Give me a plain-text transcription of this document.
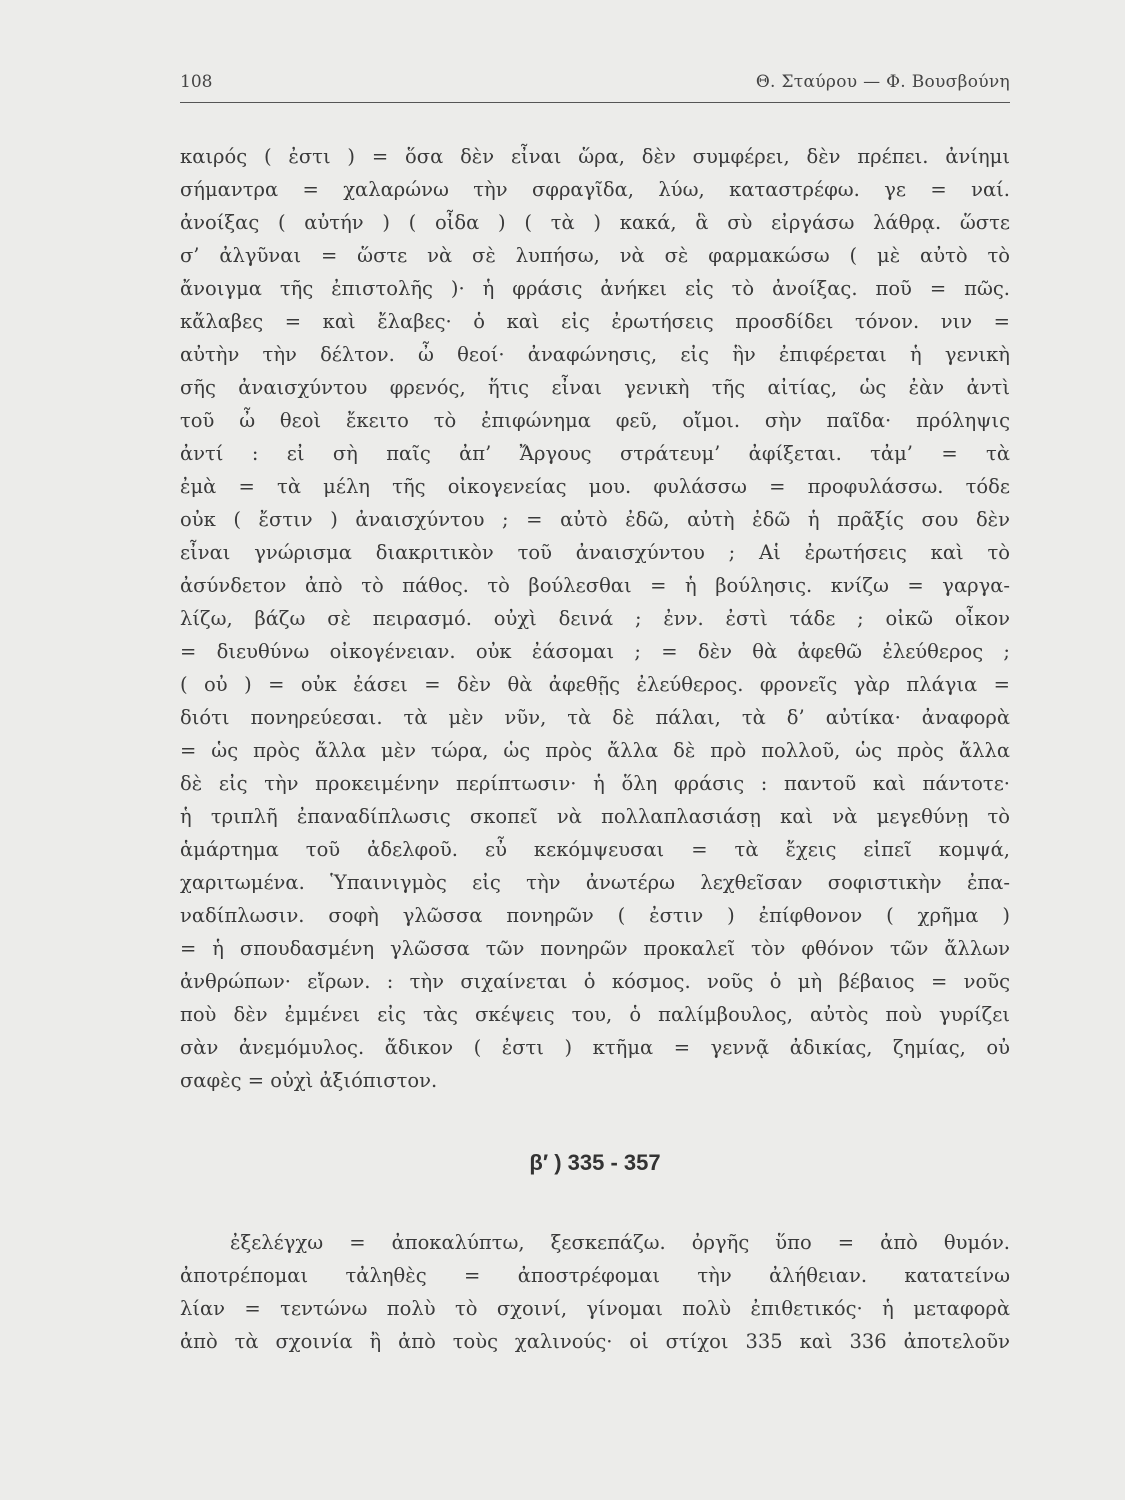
108	Θ. Σταύρου — Φ. Βουσβούνη
καιρός ( ἐστι ) = ὅσα δὲν εἶναι ὥρα, δὲν συμφέρει, δὲν πρέπει. ἀνίημι
σήμαντρα = χαλαρώνω τὴν σφραγῖδα, λύω, καταστρέφω. γε = ναί.
ἀνοίξας ( αὐτήν ) ( οἶδα ) ( τὰ ) κακά, ἃ σὺ εἰργάσω λάθρᾳ. ὥστε
σ’ ἀλγῦναι = ὥστε νὰ σὲ λυπήσω, νὰ σὲ φαρμακώσω ( μὲ αὐτὸ τὸ
ἄνοιγμα τῆς ἐπιστολῆς )· ἡ φράσις ἀνήκει εἰς τὸ ἀνοίξας. ποῦ = πῶς.
κἄλαβες = καὶ ἔλαβες· ὁ καὶ εἰς ἐρωτήσεις προσδίδει τόνον. νιν =
αὐτὴν τὴν δέλτον. ὦ θεοί· ἀναφώνησις, εἰς ἣν ἐπιφέρεται ἡ γενικὴ
σῆς ἀναισχύντου φρενός, ἥτις εἶναι γενικὴ τῆς αἰτίας, ὡς ἐὰν ἀντὶ
τοῦ ὦ θεοὶ ἔκειτο τὸ ἐπιφώνημα φεῦ, οἴμοι. σὴν παῖδα· πρόληψις
ἀντί : εἰ σὴ παῖς ἀπ’ Ἄργους στράτευμ’ ἀφίξεται. τἀμ’ = τὰ
ἐμὰ = τὰ μέλη τῆς οἰκογενείας μου. φυλάσσω = προφυλάσσω. τόδε
οὐκ ( ἔστιν ) ἀναισχύντου ; = αὐτὸ ἐδῶ, αὐτὴ ἐδῶ ἡ πρᾶξίς σου δὲν
εἶναι γνώρισμα διακριτικὸν τοῦ ἀναισχύντου ; Αἱ ἐρωτήσεις καὶ τὸ
ἀσύνδετον ἀπὸ τὸ πάθος. τὸ βούλεσθαι = ἡ βούλησις. κνίζω = γαργα-
λίζω, βάζω σὲ πειρασμό. οὐχὶ δεινά ; ἐνν. ἐστὶ τάδε ; οἰκῶ οἶκον
= διευθύνω οἰκογένειαν. οὐκ ἐάσομαι ; = δὲν θὰ ἀφεθῶ ἐλεύθερος ;
( οὐ ) = οὐκ ἐάσει = δὲν θὰ ἀφεθῇς ἐλεύθερος. φρονεῖς γὰρ πλάγια =
διότι πονηρεύεσαι. τὰ μὲν νῦν, τὰ δὲ πάλαι, τὰ δ’ αὐτίκα· ἀναφορὰ
= ὡς πρὸς ἄλλα μὲν τώρα, ὡς πρὸς ἄλλα δὲ πρὸ πολλοῦ, ὡς πρὸς ἄλλα
δὲ εἰς τὴν προκειμένην περίπτωσιν· ἡ ὅλη φράσις : παντοῦ καὶ πάντοτε·
ἡ τριπλῆ ἐπαναδίπλωσις σκοπεῖ νὰ πολλαπλασιάσῃ καὶ νὰ μεγεθύνῃ τὸ
ἁμάρτημα τοῦ ἀδελφοῦ. εὖ κεκόμψευσαι = τὰ ἔχεις εἰπεῖ κομψά,
χαριτωμένα. Ὑπαινιγμὸς εἰς τὴν ἀνωτέρω λεχθεῖσαν σοφιστικὴν ἐπα-
ναδίπλωσιν. σοφὴ γλῶσσα πονηρῶν ( ἐστιν ) ἐπίφθονον ( χρῆμα )
= ἡ σπουδασμένη γλῶσσα τῶν πονηρῶν προκαλεῖ τὸν φθόνον τῶν ἄλλων
ἀνθρώπων· εἴρων. : τὴν σιχαίνεται ὁ κόσμος. νοῦς ὁ μὴ βέβαιος = νοῦς
ποὺ δὲν ἐμμένει εἰς τὰς σκέψεις του, ὁ παλίμβουλος, αὐτὸς ποὺ γυρίζει
σὰν ἀνεμόμυλος. ἄδικον ( ἐστι ) κτῆμα = γεννᾷ ἀδικίας, ζημίας, οὐ
σαφὲς = οὐχὶ ἀξιόπιστον.
β′ ) 335 - 357
ἐξελέγχω = ἀποκαλύπτω, ξεσκεπάζω. ὀργῆς ὕπο = ἀπὸ θυμόν.
ἀποτρέπομαι τἀληθὲς = ἀποστρέφομαι τὴν ἀλήθειαν. κατατείνω
λίαν = τεντώνω πολὺ τὸ σχοινί, γίνομαι πολὺ ἐπιθετικός· ἡ μεταφορὰ
ἀπὸ τὰ σχοινία ἢ ἀπὸ τοὺς χαλινούς· οἱ στίχοι 335 καὶ 336 ἀποτελοῦν
